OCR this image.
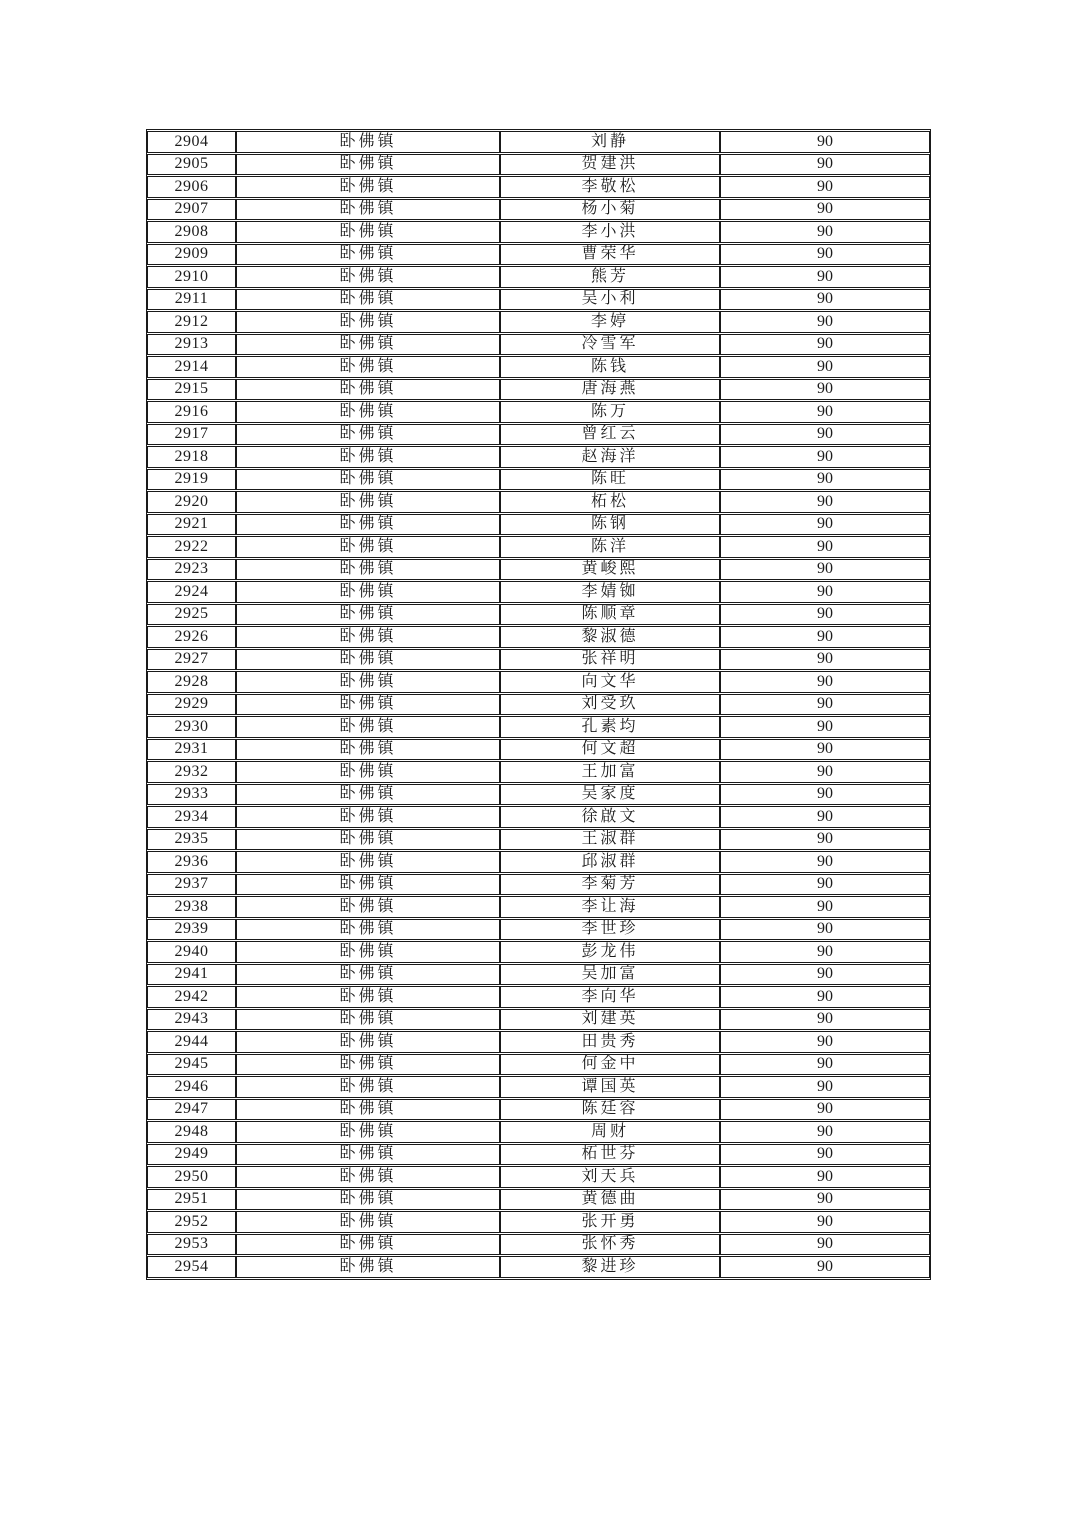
2904	卧佛镇	刘静	90
2905	卧佛镇	贺建洪	90
2906	卧佛镇	李敬松	90
2907	卧佛镇	杨小菊	90
2908	卧佛镇	李小洪	90
2909	卧佛镇	曹荣华	90
2910	卧佛镇	熊芳	90
2911	卧佛镇	吴小利	90
2912	卧佛镇	李婷	90
2913	卧佛镇	冷雪军	90
2914	卧佛镇	陈钱	90
2915	卧佛镇	唐海燕	90
2916	卧佛镇	陈万	90
2917	卧佛镇	曾红云	90
2918	卧佛镇	赵海洋	90
2919	卧佛镇	陈旺	90
2920	卧佛镇	柘松	90
2921	卧佛镇	陈钢	90
2922	卧佛镇	陈洋	90
2923	卧佛镇	黄峻熙	90
2924	卧佛镇	李婧铷	90
2925	卧佛镇	陈顺章	90
2926	卧佛镇	黎淑德	90
2927	卧佛镇	张祥明	90
2928	卧佛镇	向文华	90
2929	卧佛镇	刘受玖	90
2930	卧佛镇	孔素均	90
2931	卧佛镇	何文超	90
2932	卧佛镇	王加富	90
2933	卧佛镇	吴家度	90
2934	卧佛镇	徐啟文	90
2935	卧佛镇	王淑群	90
2936	卧佛镇	邱淑群	90
2937	卧佛镇	李菊芳	90
2938	卧佛镇	李让海	90
2939	卧佛镇	李世珍	90
2940	卧佛镇	彭龙伟	90
2941	卧佛镇	吴加富	90
2942	卧佛镇	李向华	90
2943	卧佛镇	刘建英	90
2944	卧佛镇	田贵秀	90
2945	卧佛镇	何金中	90
2946	卧佛镇	谭国英	90
2947	卧佛镇	陈廷容	90
2948	卧佛镇	周财	90
2949	卧佛镇	柘世芬	90
2950	卧佛镇	刘天兵	90
2951	卧佛镇	黄德曲	90
2952	卧佛镇	张开勇	90
2953	卧佛镇	张怀秀	90
2954	卧佛镇	黎进珍	90
